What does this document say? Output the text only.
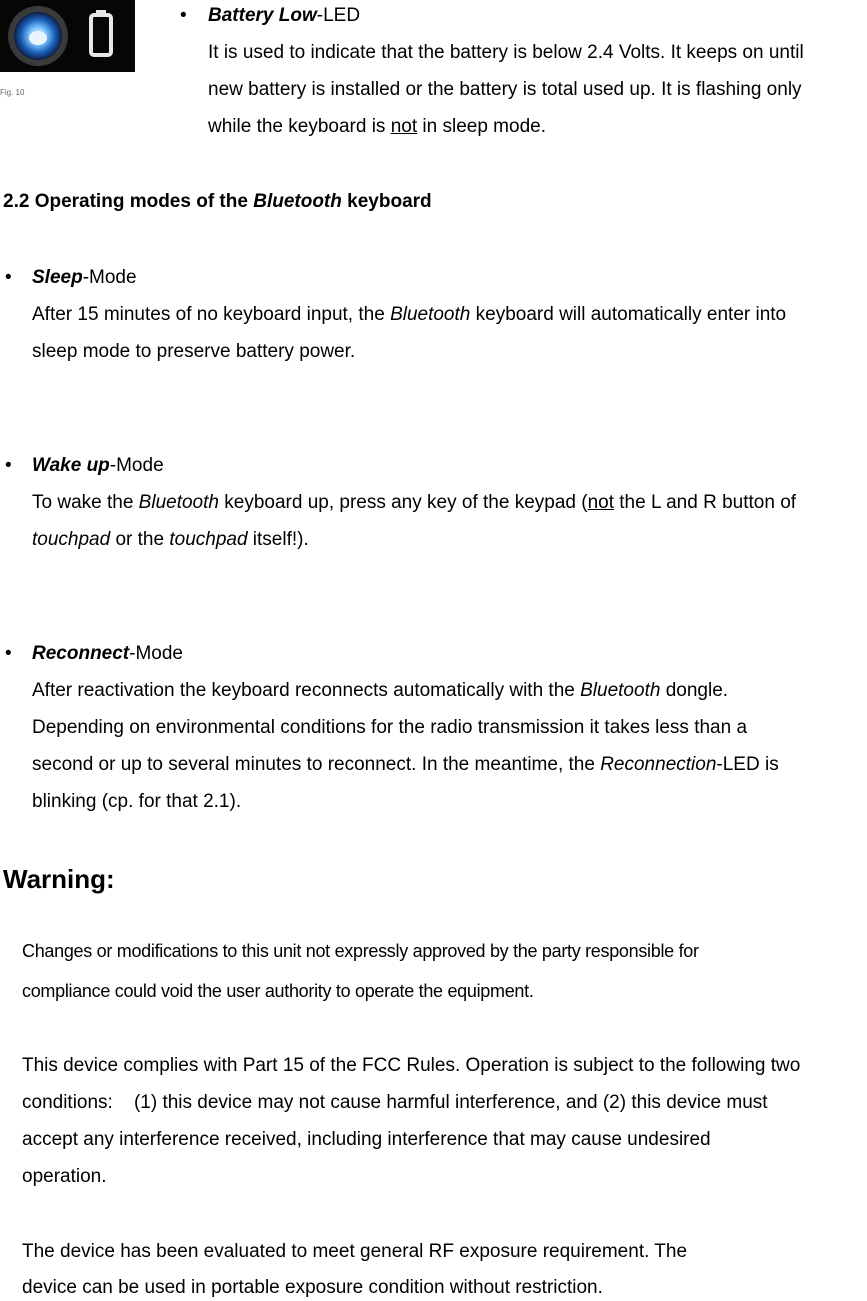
Fig. 10
• Battery Low-LED
It is used to indicate that the battery is below 2.4 Volts. It keeps on until
new battery is installed or the battery is total used up. It is flashing only
while the keyboard is not in sleep mode.
2.2 Operating modes of the Bluetooth keyboard
• Sleep-Mode
After 15 minutes of no keyboard input, the Bluetooth keyboard will automatically enter into
sleep mode to preserve battery power.
• Wake up-Mode
To wake the Bluetooth keyboard up, press any key of the keypad (not the L and R button of
touchpad or the touchpad itself!).
• Reconnect-Mode
After reactivation the keyboard reconnects automatically with the Bluetooth dongle.
Depending on environmental conditions for the radio transmission it takes less than a
second or up to several minutes to reconnect. In the meantime, the Reconnection-LED is
blinking (cp. for that 2.1).
Warning:
Changes or modifications to this unit not expressly approved by the party responsible for
compliance could void the user authority to operate the equipment.
This device complies with Part 15 of the FCC Rules. Operation is subject to the following two
conditions:    (1) this device may not cause harmful interference, and (2) this device must
accept any interference received, including interference that may cause undesired
operation.
The device has been evaluated to meet general RF exposure requirement. The
device can be used in portable exposure condition without restriction.
